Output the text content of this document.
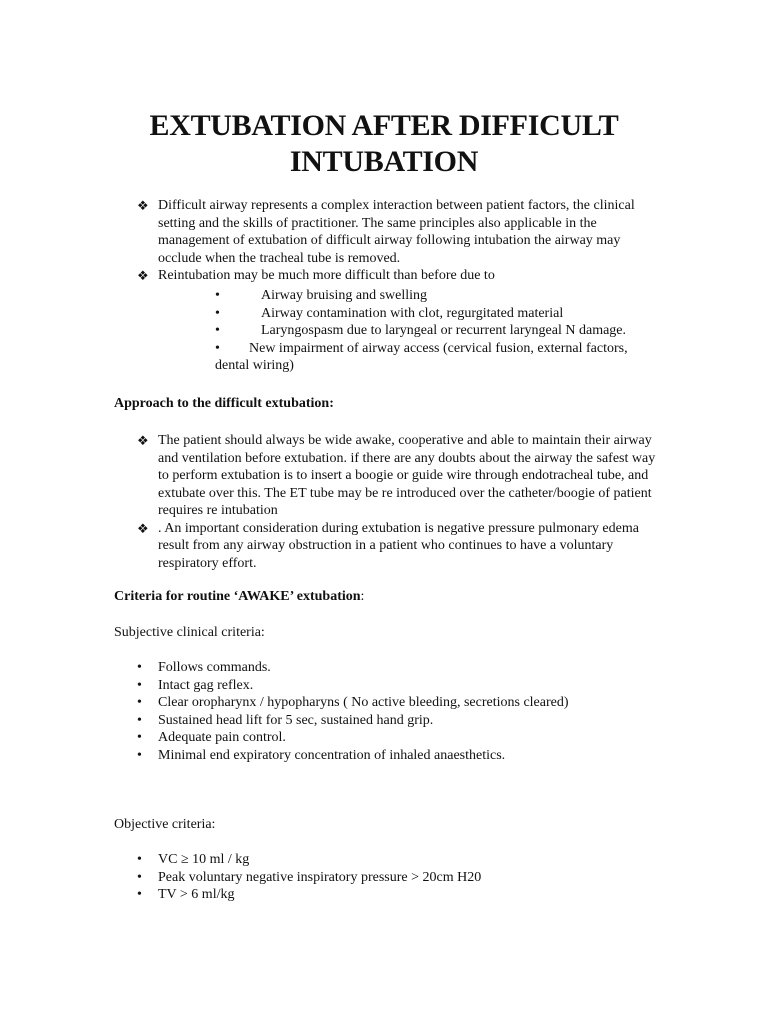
EXTUBATION AFTER DIFFICULT
INTUBATION
❖ Difficult airway represents a complex interaction between patient factors, the clinical setting and the skills of practitioner. The same principles also applicable in the management of extubation of difficult airway following intubation the airway may occlude when the tracheal tube is removed.
❖ Reintubation may be much more difficult than before due to
•	Airway bruising and swelling
•	Airway contamination with clot, regurgitated material
•	Laryngospasm due to laryngeal or recurrent laryngeal N damage.
• New impairment of airway access (cervical fusion, external factors, dental wiring)

Approach to the difficult extubation:

❖ The patient should always be wide awake, cooperative and able to maintain their airway and ventilation before extubation. if there are any doubts about the airway the safest way to perform extubation is to insert a boogie or guide wire through endotracheal tube, and extubate over this. The ET tube may be re introduced over the catheter/boogie of patient requires re intubation
❖ . An important consideration during extubation is negative pressure pulmonary edema result from any airway obstruction in a patient who continues to have a voluntary respiratory effort.

Criteria for routine ‘AWAKE’ extubation:

Subjective clinical criteria:

• Follows commands.
• Intact gag reflex.
• Clear oropharynx / hypopharyns ( No active bleeding, secretions cleared)
• Sustained head lift for 5 sec, sustained hand grip.
• Adequate pain control.
• Minimal end expiratory concentration of inhaled anaesthetics.

Objective criteria:

• VC ≥ 10 ml / kg
• Peak voluntary negative inspiratory pressure > 20cm H20
• TV > 6 ml/kg
